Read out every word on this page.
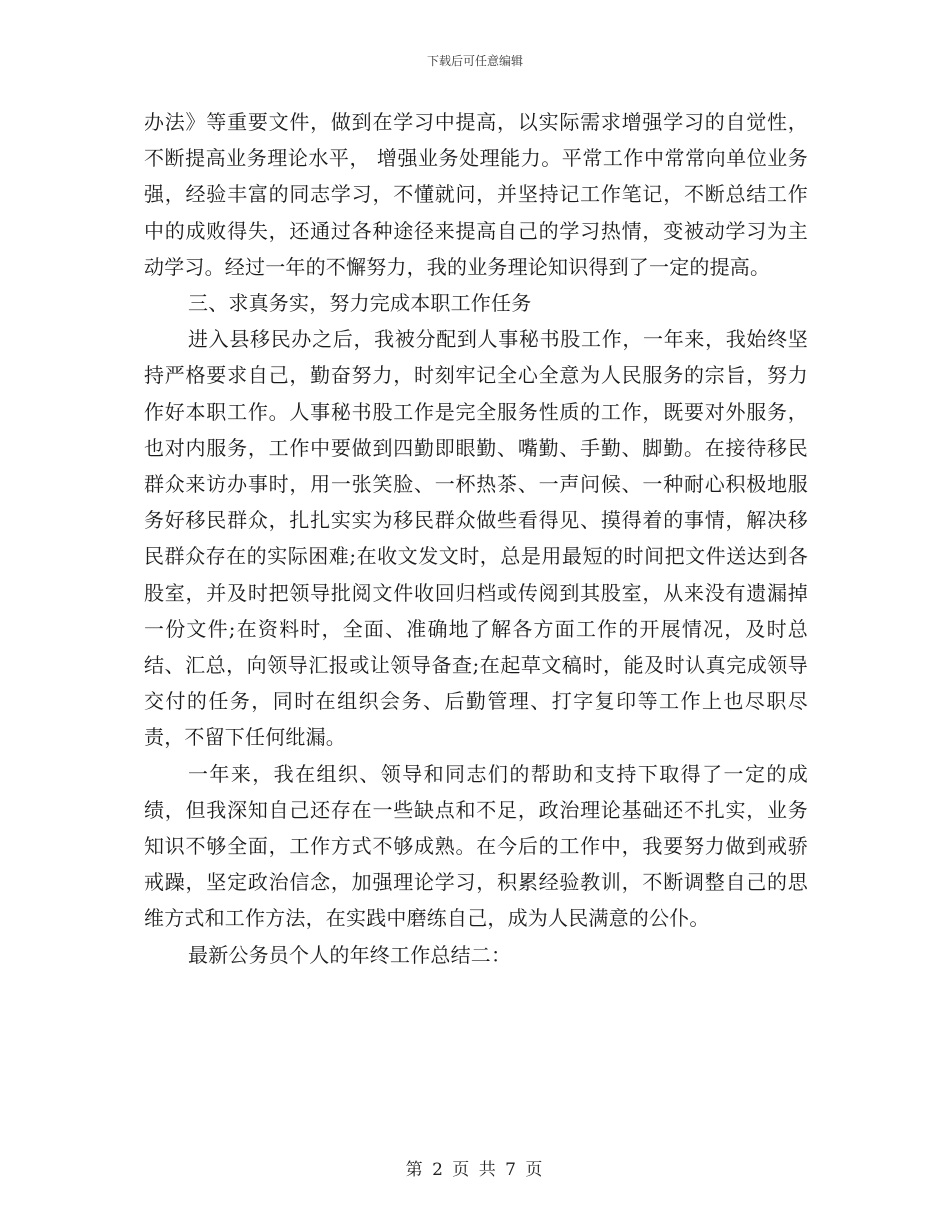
下载后可任意编辑

办法》等重要文件，做到在学习中提高，以实际需求增强学习的自觉性，不断提高业务理论水平， 增强业务处理能力。平常工作中常常向单位业务强，经验丰富的同志学习，不懂就问，并坚持记工作笔记，不断总结工作中的成败得失，还通过各种途径来提高自己的学习热情，变被动学习为主动学习。经过一年的不懈努力，我的业务理论知识得到了一定的提高。

三、求真务实，努力完成本职工作任务

进入县移民办之后，我被分配到人事秘书股工作，一年来，我始终坚持严格要求自己，勤奋努力，时刻牢记全心全意为人民服务的宗旨，努力作好本职工作。人事秘书股工作是完全服务性质的工作，既要对外服务，也对内服务，工作中要做到四勤即眼勤、嘴勤、手勤、脚勤。在接待移民群众来访办事时，用一张笑脸、一杯热茶、一声问候、一种耐心积极地服务好移民群众，扎扎实实为移民群众做些看得见、摸得着的事情，解决移民群众存在的实际困难;在收文发文时，总是用最短的时间把文件送达到各股室，并及时把领导批阅文件收回归档或传阅到其股室，从来没有遗漏掉一份文件;在资料时，全面、准确地了解各方面工作的开展情况，及时总结、汇总，向领导汇报或让领导备查;在起草文稿时，能及时认真完成领导交付的任务，同时在组织会务、后勤管理、打字复印等工作上也尽职尽责，不留下任何纰漏。

一年来，我在组织、领导和同志们的帮助和支持下取得了一定的成绩，但我深知自己还存在一些缺点和不足，政治理论基础还不扎实，业务知识不够全面，工作方式不够成熟。在今后的工作中，我要努力做到戒骄戒躁，坚定政治信念，加强理论学习，积累经验教训，不断调整自己的思维方式和工作方法，在实践中磨练自己，成为人民满意的公仆。

最新公务员个人的年终工作总结二：

第 2 页 共 7 页
